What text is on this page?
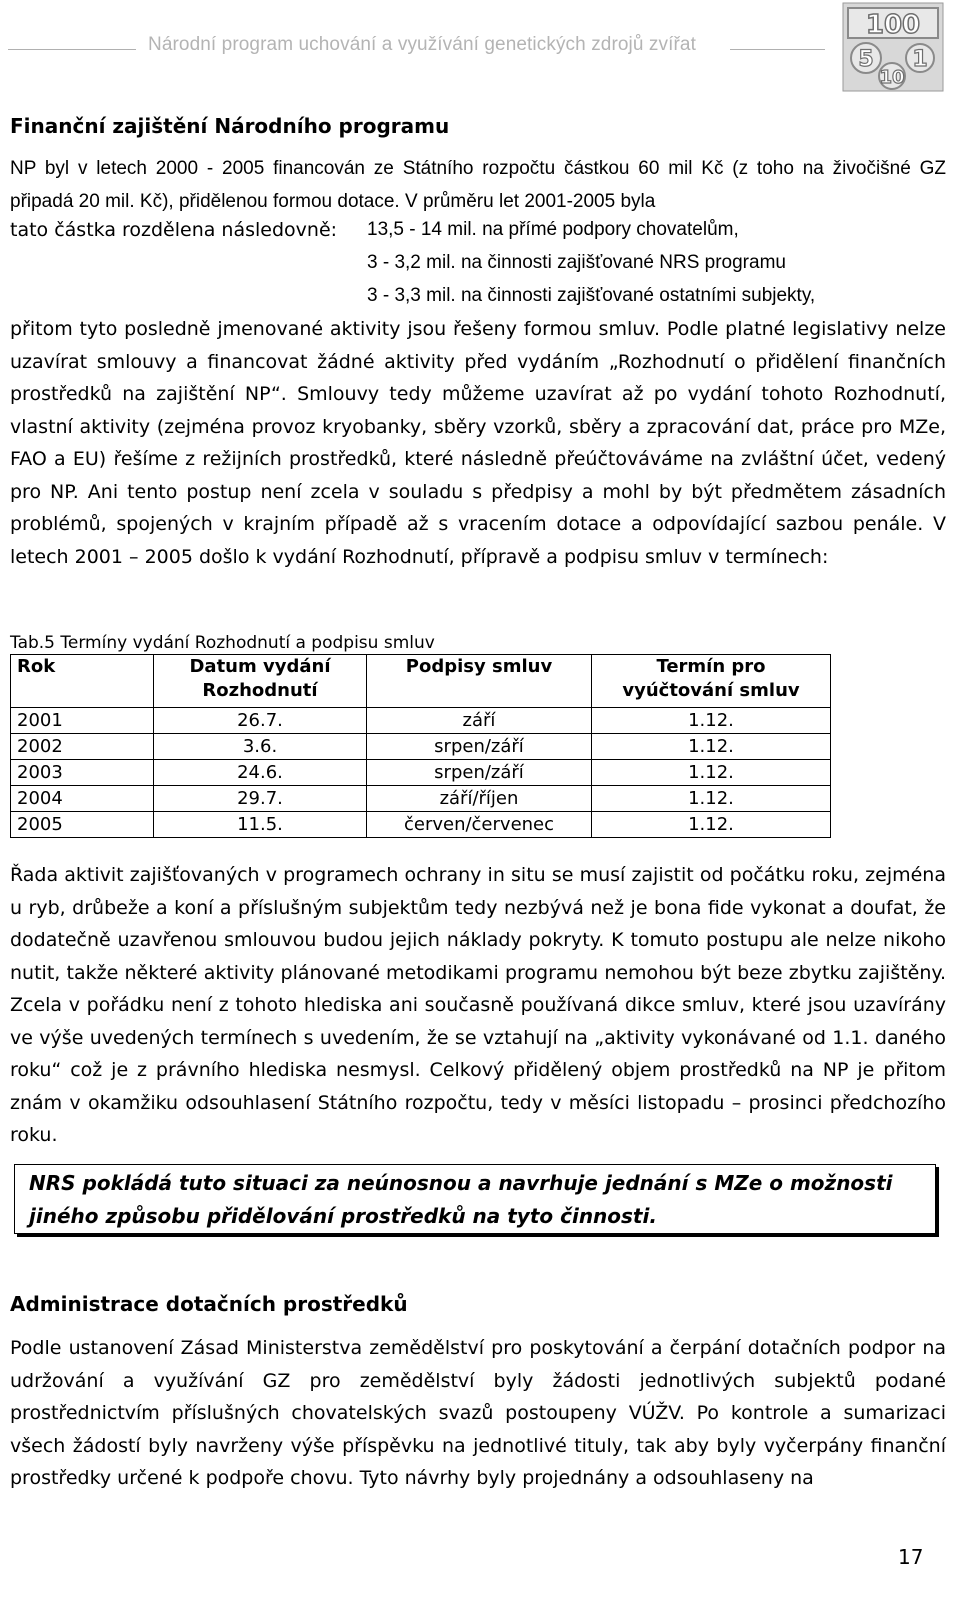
Národní program uchování a využívání genetických zdrojů zvířat
100
5 1
10
Finanční zajištění Národního programu
NP byl v letech 2000 - 2005 financován ze Státního rozpočtu částkou 60 mil Kč (z toho na živočišné GZ připadá 20 mil. Kč), přidělenou formou dotace. V průměru let 2001-2005 byla
tato částka rozdělena následovně: 13,5 - 14 mil. na přímé podpory chovatelům,
3 - 3,2 mil. na činnosti zajišťované NRS programu
3 - 3,3 mil. na činnosti zajišťované ostatními subjekty,
přitom tyto posledně jmenované aktivity jsou řešeny formou smluv. Podle platné legislativy nelze uzavírat smlouvy a financovat žádné aktivity před vydáním „Rozhodnutí o přidělení finančních prostředků na zajištění NP“. Smlouvy tedy můžeme uzavírat až po vydání tohoto Rozhodnutí, vlastní aktivity (zejména provoz kryobanky, sběry vzorků, sběry a zpracování dat, práce pro MZe, FAO a EU) řešíme z režijních prostředků, které následně přeúčtováváme na zvláštní účet, vedený pro NP. Ani tento postup není zcela v souladu s předpisy a mohl by být předmětem zásadních problémů, spojených v krajním případě až s vracením dotace a odpovídající sazbou penále. V letech 2001 – 2005 došlo k vydání Rozhodnutí, přípravě a podpisu smluv v termínech:
Tab.5 Termíny vydání Rozhodnutí a podpisu smluv
Rok	Datum vydání Rozhodnutí	Podpisy smluv	Termín pro vyúčtování smluv
2001	26.7.	září	1.12.
2002	3.6.	srpen/září	1.12.
2003	24.6.	srpen/září	1.12.
2004	29.7.	září/říjen	1.12.
2005	11.5.	červen/červenec	1.12.
Řada aktivit zajišťovaných v programech ochrany in situ se musí zajistit od počátku roku, zejména u ryb, drůbeže a koní a příslušným subjektům tedy nezbývá než je bona fide vykonat a doufat, že dodatečně uzavřenou smlouvou budou jejich náklady pokryty. K tomuto postupu ale nelze nikoho nutit, takže některé aktivity plánované metodikami programu nemohou být beze zbytku zajištěny. Zcela v pořádku není z tohoto hlediska ani současně používaná dikce smluv, které jsou uzavírány ve výše uvedených termínech s uvedením, že se vztahují na „aktivity vykonávané od 1.1. daného roku“ což je z právního hlediska nesmysl. Celkový přidělený objem prostředků na NP je přitom znám v okamžiku odsouhlasení Státního rozpočtu, tedy v měsíci listopadu – prosinci předchozího roku.
NRS pokládá tuto situaci za neúnosnou a navrhuje jednání s MZe o možnosti jiného způsobu přidělování prostředků na tyto činnosti.
Administrace dotačních prostředků
Podle ustanovení Zásad Ministerstva zemědělství pro poskytování a čerpání dotačních podpor na udržování a využívání GZ pro zemědělství byly žádosti jednotlivých subjektů podané prostřednictvím příslušných chovatelských svazů postoupeny VÚŽV. Po kontrole a sumarizaci všech žádostí byly navrženy výše příspěvku na jednotlivé tituly, tak aby byly vyčerpány finanční prostředky určené k podpoře chovu. Tyto návrhy byly projednány a odsouhlaseny na
17
